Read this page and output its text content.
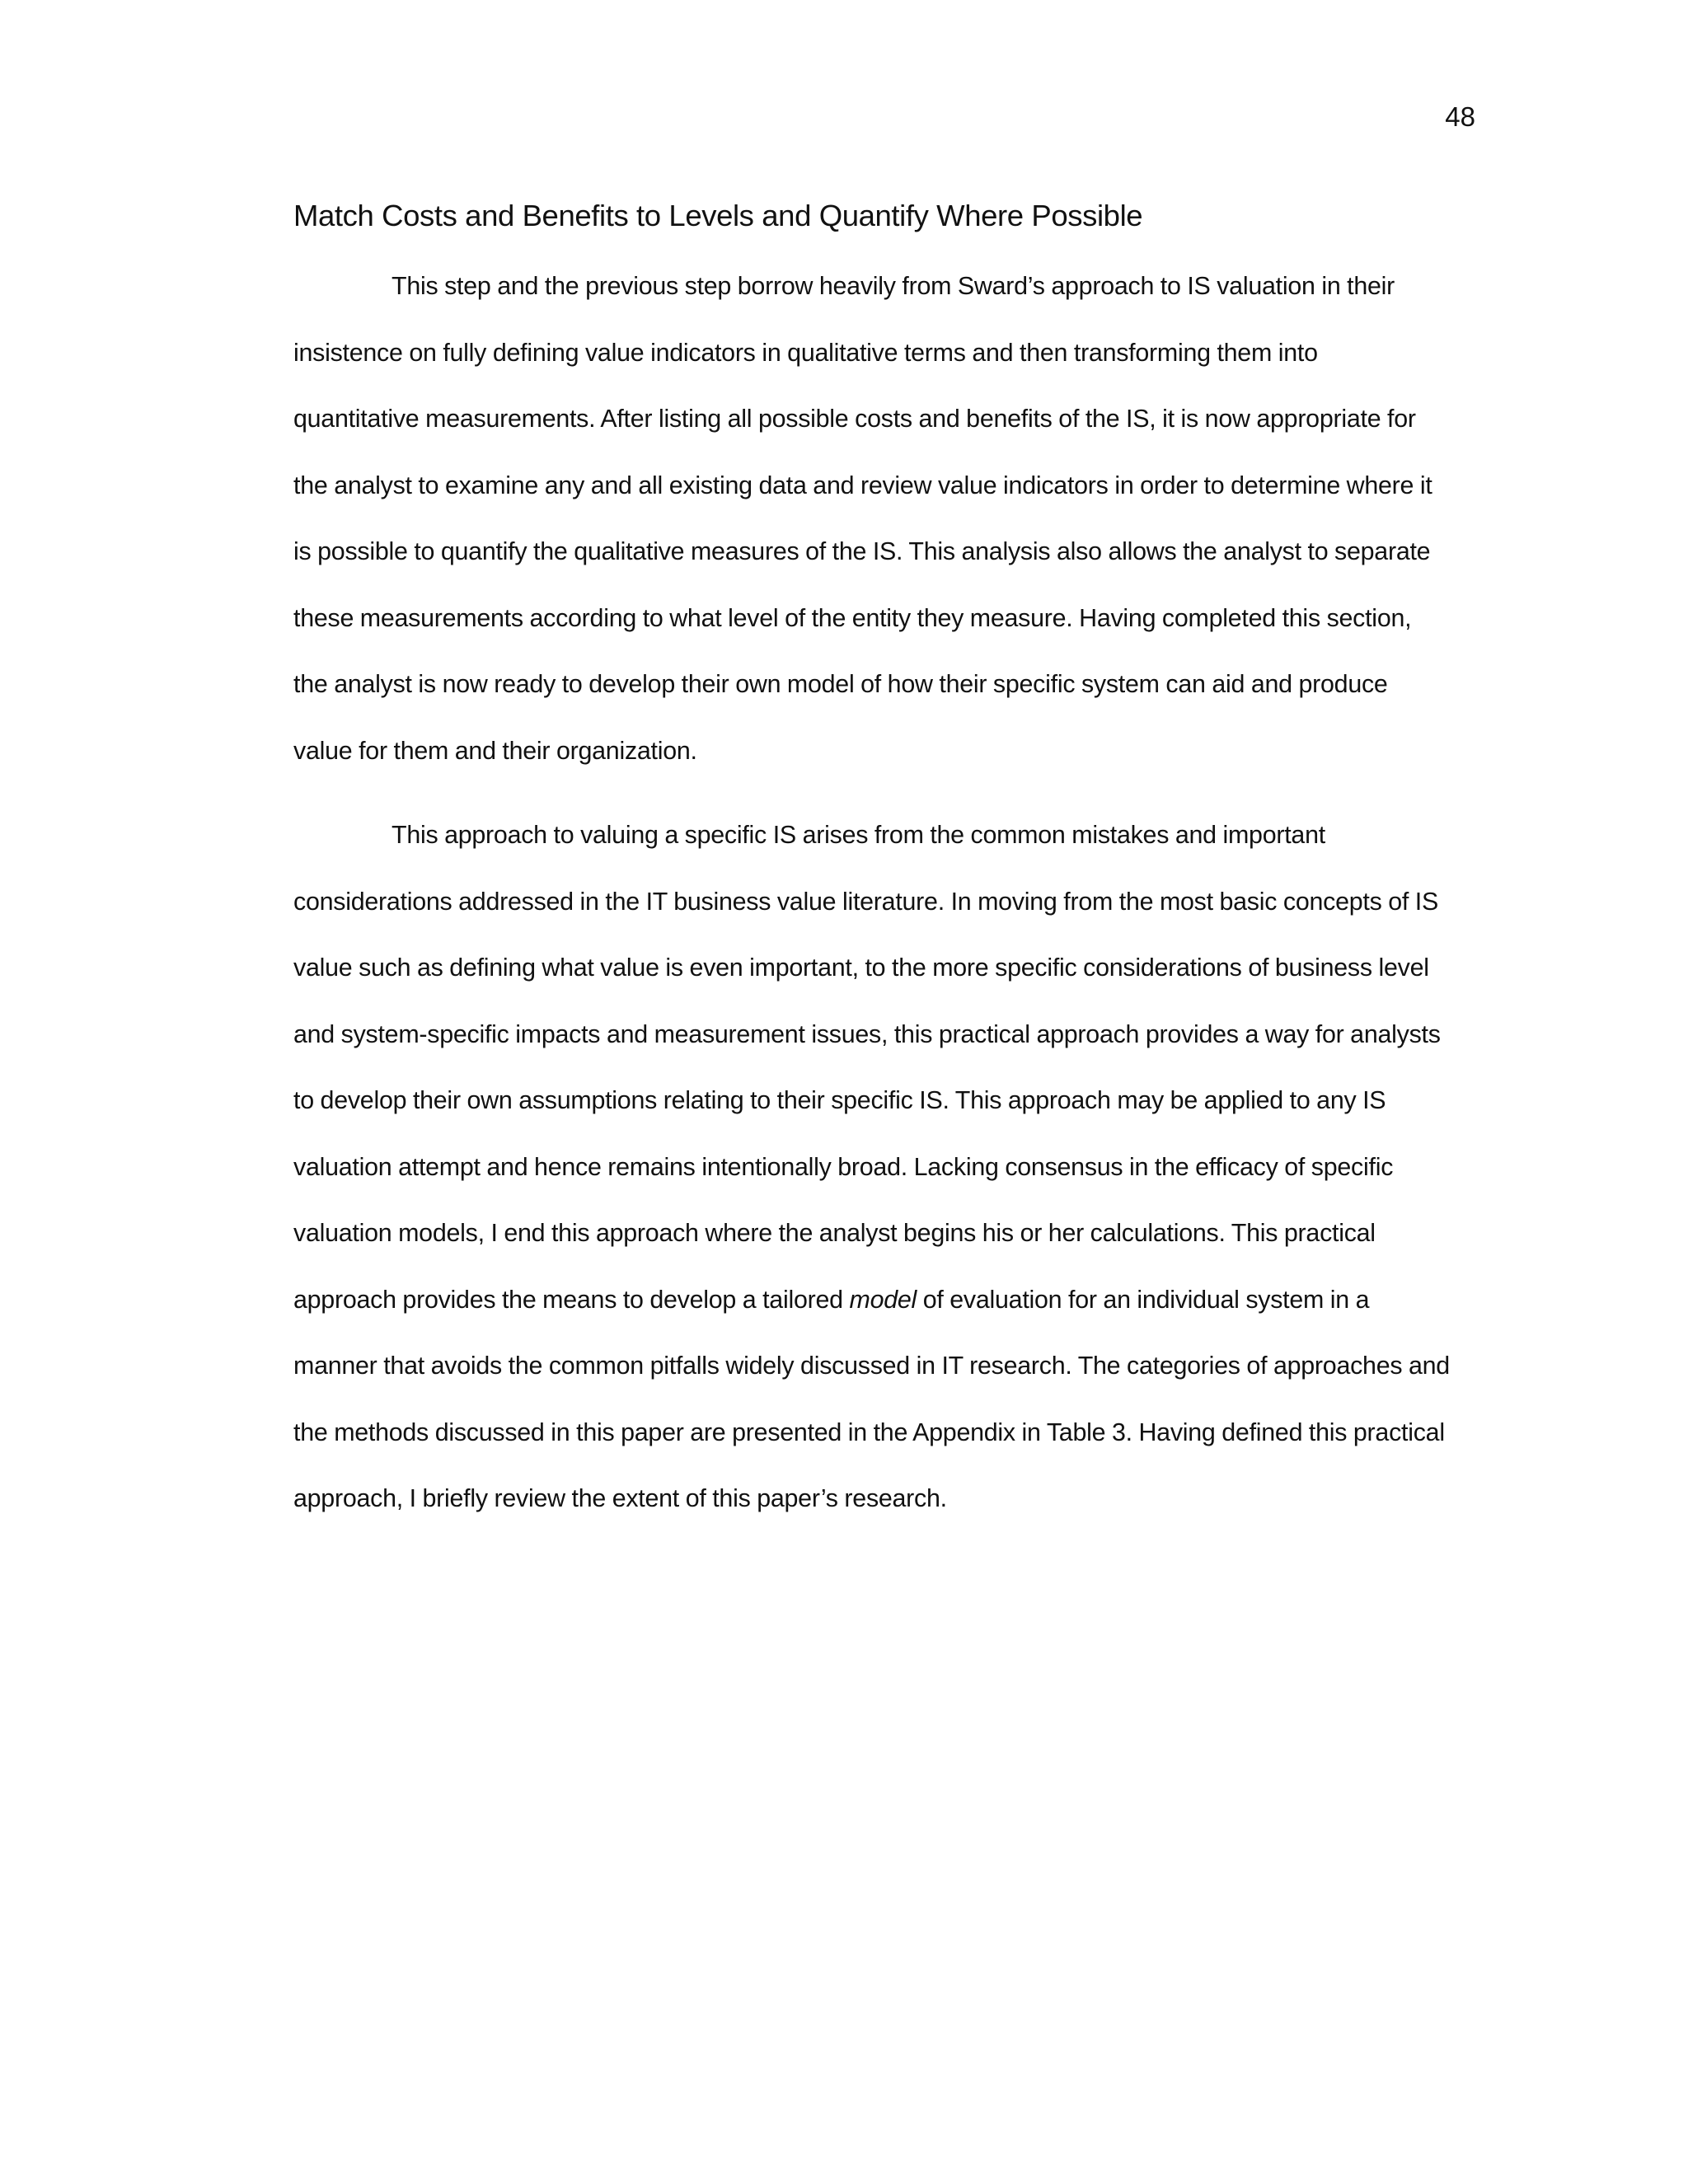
48
Match Costs and Benefits to Levels and Quantify Where Possible
This step and the previous step borrow heavily from Sward’s approach to IS valuation in their
insistence on fully defining value indicators in qualitative terms and then transforming them into
quantitative measurements. After listing all possible costs and benefits of the IS, it is now appropriate for
the analyst to examine any and all existing data and review value indicators in order to determine where it
is possible to quantify the qualitative measures of the IS. This analysis also allows the analyst to separate
these measurements according to what level of the entity they measure. Having completed this section,
the analyst is now ready to develop their own model of how their specific system can aid and produce
value for them and their organization.
This approach to valuing a specific IS arises from the common mistakes and important
considerations addressed in the IT business value literature. In moving from the most basic concepts of IS
value such as defining what value is even important, to the more specific considerations of business level
and system-specific impacts and measurement issues, this practical approach provides a way for analysts
to develop their own assumptions relating to their specific IS. This approach may be applied to any IS
valuation attempt and hence remains intentionally broad. Lacking consensus in the efficacy of specific
valuation models, I end this approach where the analyst begins his or her calculations. This practical
approach provides the means to develop a tailored model of evaluation for an individual system in a
manner that avoids the common pitfalls widely discussed in IT research. The categories of approaches and
the methods discussed in this paper are presented in the Appendix in Table 3. Having defined this practical
approach, I briefly review the extent of this paper’s research.
